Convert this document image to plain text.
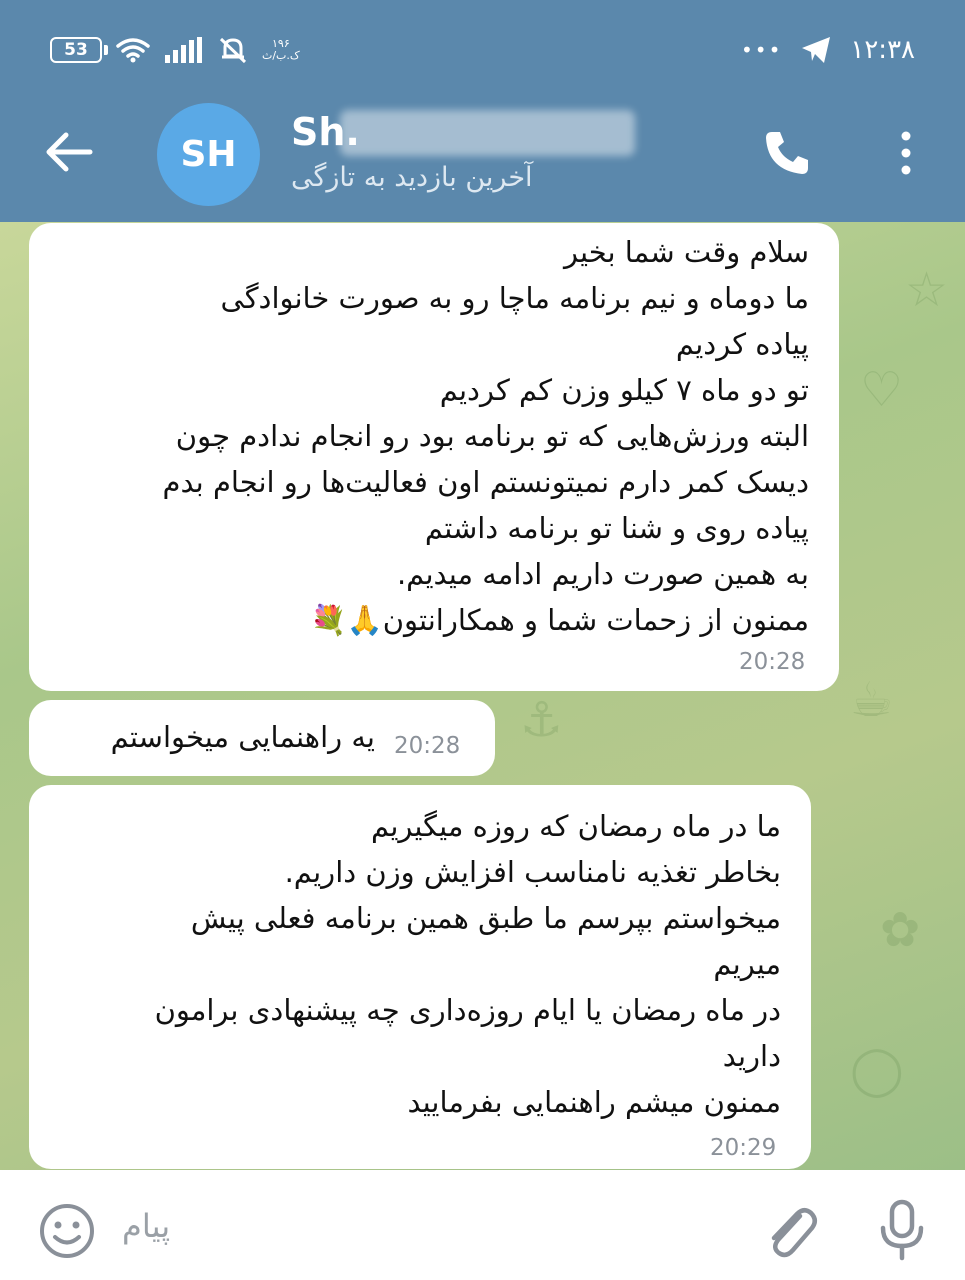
53	۱۹۶
ک.ب/ث	•••	۱۲:۳۸
SH
Sh.
آخرین بازدید به تازگی
☆
♡
☕
⚓
✿
◯

سلام وقت شما بخیر
ما دوماه و نیم برنامه ماچا رو به صورت خانوادگی
پیاده کردیم
تو دو ماه ۷ کیلو وزن کم کردیم
البته ورزش‌هایی که تو برنامه بود رو انجام ندادم چون
دیسک کمر دارم نمیتونستم اون فعالیت‌ها رو انجام بدم
پیاده روی و شنا تو برنامه داشتم
به همین صورت داریم ادامه میدیم.
ممنون از زحمات شما و همکارانتون🙏💐

20:28

یه راهنمایی میخواستم 20:28

ما در ماه رمضان که روزه میگیریم
بخاطر تغذیه نامناسب افزایش وزن داریم.
میخواستم بپرسم ما طبق همین برنامه فعلی پیش
میریم
در ماه رمضان یا ایام روزه‌داری چه پیشنهادی برامون
دارید
ممنون میشم راهنمایی بفرمایید

20:29
پیام
